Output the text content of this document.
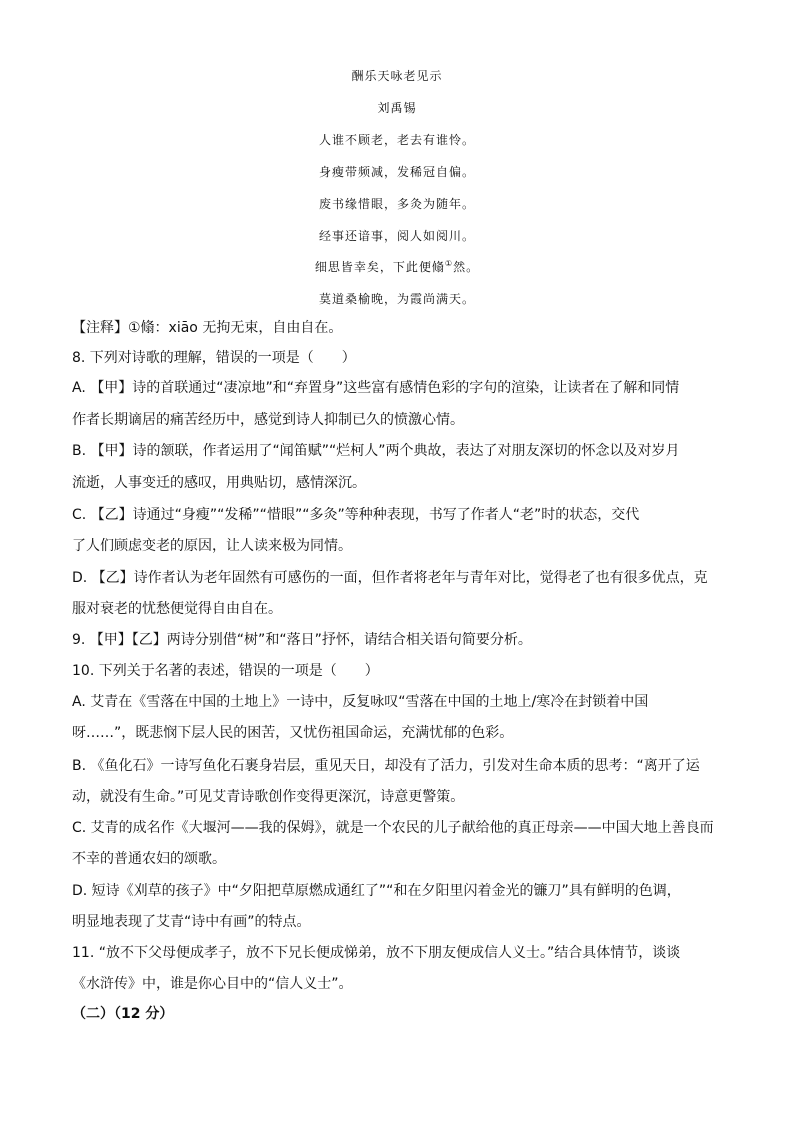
酬乐天咏老见示
刘禹锡
人谁不顾老，老去有谁怜。
身瘦带频减，发稀冠自偏。
废书缘惜眼，多灸为随年。
经事还谙事，阅人如阅川。
细思皆幸矣，下此便翛①然。
莫道桑榆晚，为霞尚满天。
【注释】①翛：xiāo 无拘无束，自由自在。
8. 下列对诗歌的理解，错误的一项是（　　）
A. 【甲】诗的首联通过“凄凉地”和“弃置身”这些富有感情色彩的字句的渲染，让读者在了解和同情
作者长期谪居的痛苦经历中，感觉到诗人抑制已久的愤激心情。
B. 【甲】诗的颔联，作者运用了“闻笛赋”“烂柯人”两个典故，表达了对朋友深切的怀念以及对岁月
流逝，人事变迁的感叹，用典贴切，感情深沉。
C. 【乙】诗通过“身瘦”“发稀”“惜眼”“多灸”等种种表现，书写了作者人“老”时的状态，交代
了人们顾虑变老的原因，让人读来极为同情。
D. 【乙】诗作者认为老年固然有可感伤的一面，但作者将老年与青年对比，觉得老了也有很多优点，克
服对衰老的忧愁便觉得自由自在。
9. 【甲】【乙】两诗分别借“树”和“落日”抒怀，请结合相关语句简要分析。
10. 下列关于名著的表述，错误的一项是（　　）
A. 艾青在《雪落在中国的土地上》一诗中，反复咏叹“雪落在中国的土地上/寒冷在封锁着中国
呀……”，既悲悯下层人民的困苦，又忧伤祖国命运，充满忧郁的色彩。
B. 《鱼化石》一诗写鱼化石裹身岩层，重见天日，却没有了活力，引发对生命本质的思考：“离开了运
动，就没有生命。”可见艾青诗歌创作变得更深沉，诗意更警策。
C. 艾青的成名作《大堰河——我的保姆》，就是一个农民的儿子献给他的真正母亲——中国大地上善良而
不幸的普通农妇的颂歌。
D. 短诗《刈草的孩子》中“夕阳把草原燃成通红了”“和在夕阳里闪着金光的镰刀”具有鲜明的色调，
明显地表现了艾青“诗中有画”的特点。
11. “放不下父母便成孝子，放不下兄长便成悌弟，放不下朋友便成信人义士。”结合具体情节，谈谈
《水浒传》中，谁是你心目中的“信人义士”。
（二）（12 分）
